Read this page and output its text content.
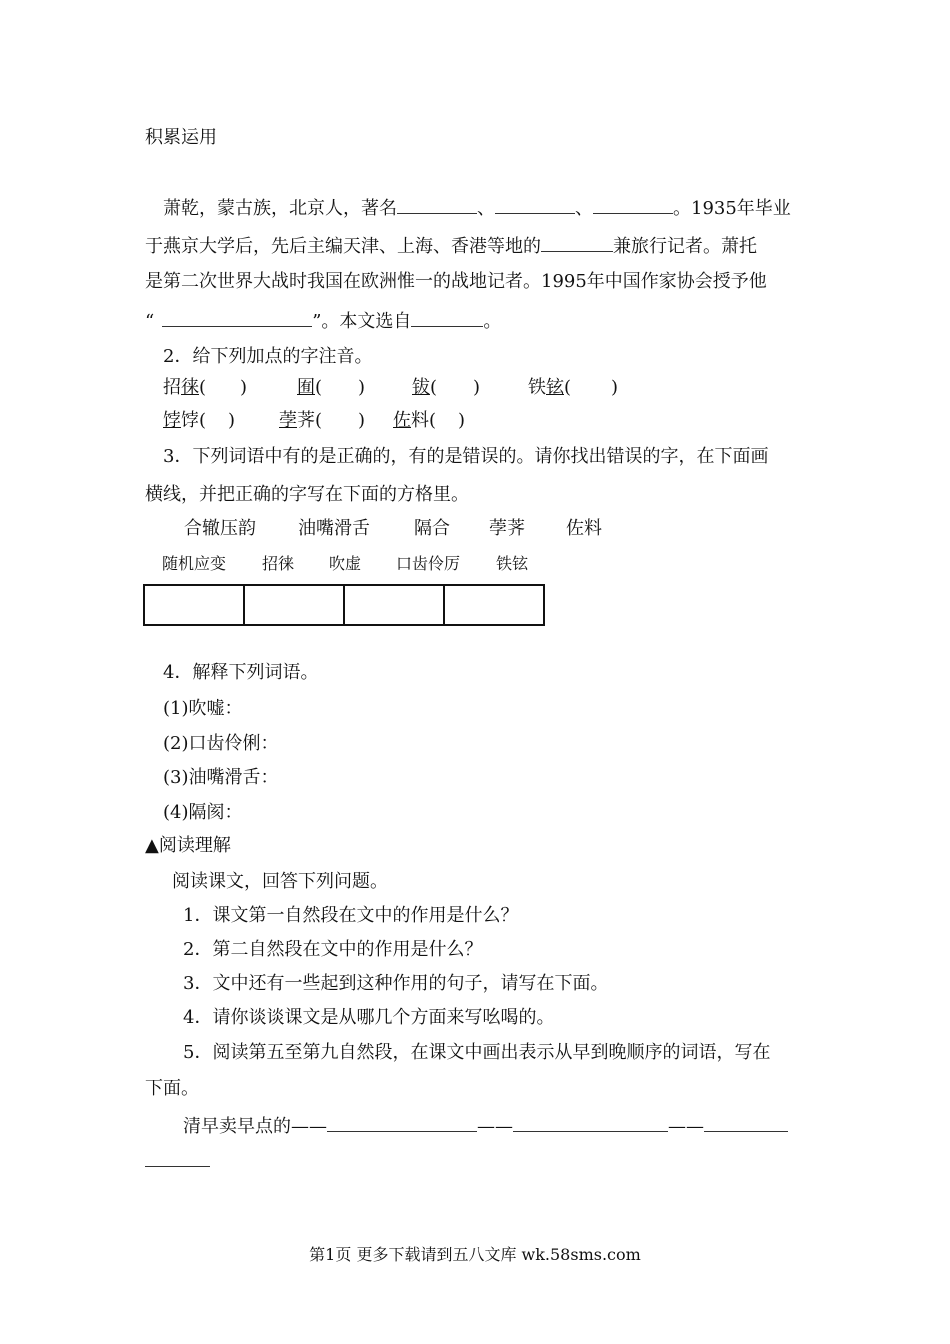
积累运用
萧乾，蒙古族，北京人，著名	、	、	。1935年毕业
于燕京大学后，先后主编天津、上海、香港等地的	兼旅行记者。萧托
是第二次世界大战时我国在欧洲惟一的战地记者。1995年中国作家协会授予他
“	”。本文选自	。
2．给下列加点的字注音。
招徕( )	囿( )	钹( )	铁铉( )
饽饽( ) 荸荠( ) 佐料( )
3．下列词语中有的是正确的，有的是错误的。请你找出错误的字，在下面画
横线，并把正确的字写在下面的方格里。
合辙压韵 油嘴滑舌 隔合 荸荠 佐料
随机应变 招徕 吹虚 口齿伶厉 铁铉

4．解释下列词语。
(1)吹嘘：
(2)口齿伶俐：
(3)油嘴滑舌：
(4)隔阂：
▲阅读理解
阅读课文，回答下列问题。
1．课文第一自然段在文中的作用是什么？
2．第二自然段在文中的作用是什么？
3．文中还有一些起到这种作用的句子，请写在下面。
4．请你谈谈课文是从哪几个方面来写吆喝的。
5．阅读第五至第九自然段，在课文中画出表示从早到晚顺序的词语，写在
下面。
清早卖早点的——	——	——
第1页 更多下载请到五八文库 wk.58sms.com
